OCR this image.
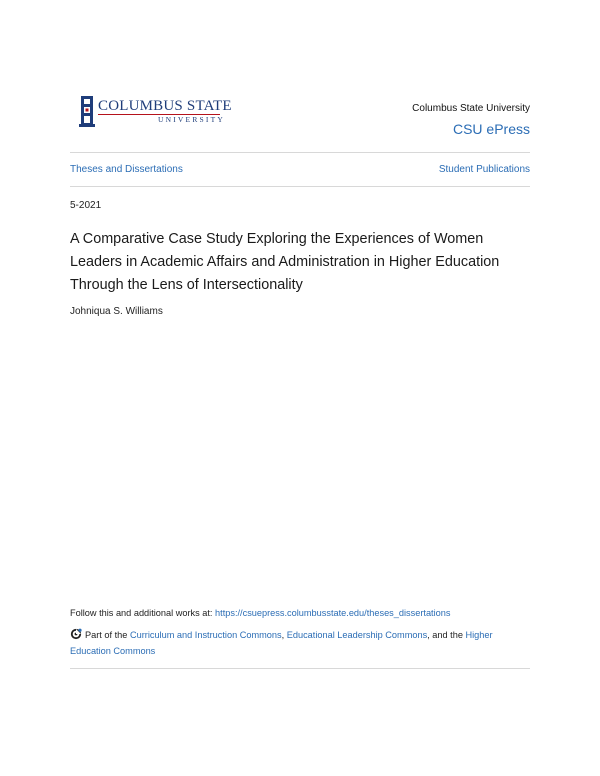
COLUMBUS STATE
UNIVERSITY
Columbus State University
CSU ePress
Theses and Dissertations	Student Publications
5-2021
A Comparative Case Study Exploring the Experiences of Women Leaders in Academic Affairs and Administration in Higher Education Through the Lens of Intersectionality
Johniqua S. Williams
Follow this and additional works at: https://csuepress.columbusstate.edu/theses_dissertations
Part of the Curriculum and Instruction Commons, Educational Leadership Commons, and the Higher Education Commons
